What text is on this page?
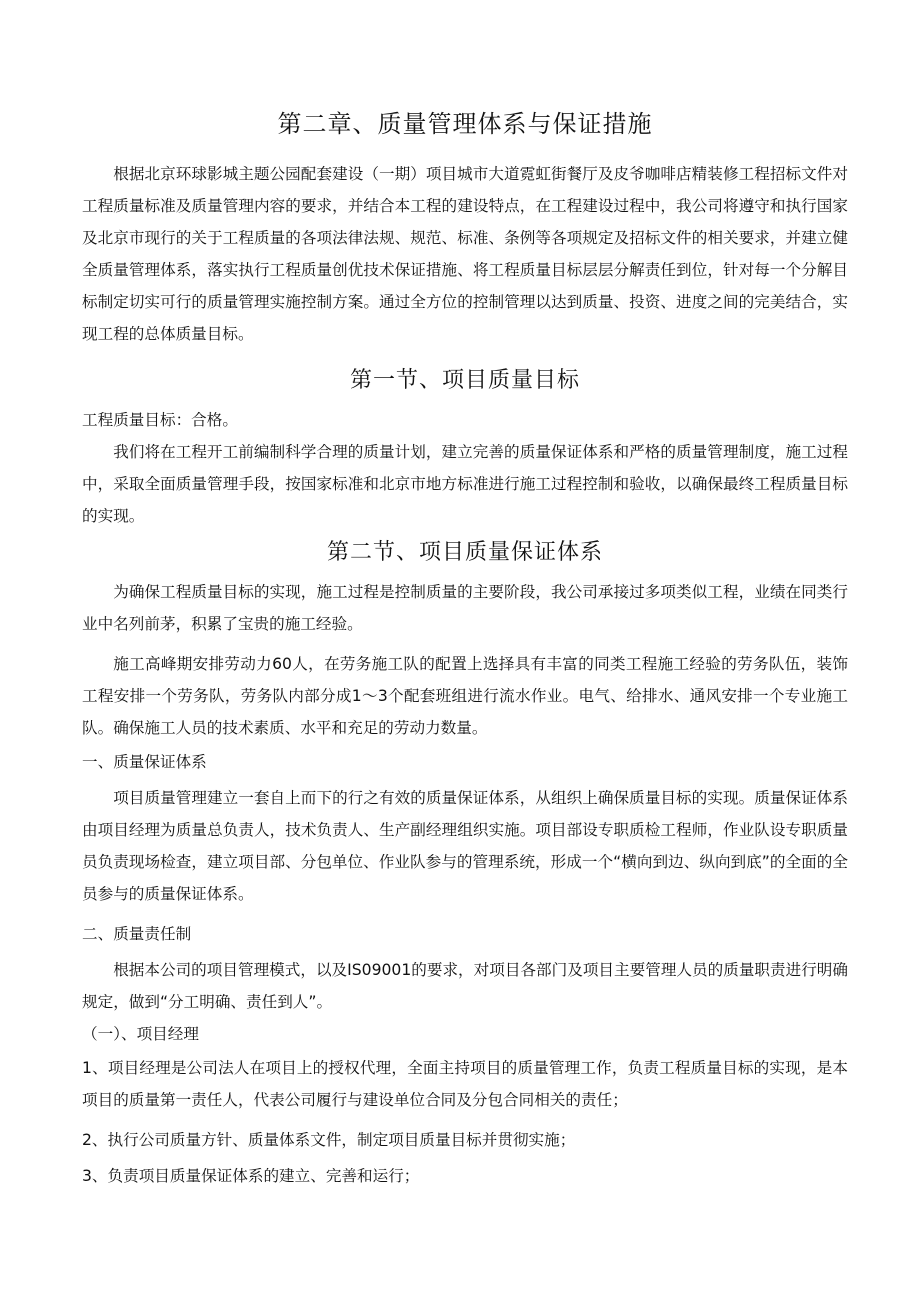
第二章、质量管理体系与保证措施
根据北京环球影城主题公园配套建设（一期）项目城市大道霓虹街餐厅及皮爷咖啡店精装修工程招标文件对工程质量标准及质量管理内容的要求，并结合本工程的建设特点，在工程建设过程中，我公司将遵守和执行国家及北京市现行的关于工程质量的各项法律法规、规范、标准、条例等各项规定及招标文件的相关要求，并建立健全质量管理体系，落实执行工程质量创优技术保证措施、将工程质量目标层层分解责任到位，针对每一个分解目标制定切实可行的质量管理实施控制方案。通过全方位的控制管理以达到质量、投资、进度之间的完美结合，实现工程的总体质量目标。
第一节、项目质量目标
工程质量目标：合格。
我们将在工程开工前编制科学合理的质量计划，建立完善的质量保证体系和严格的质量管理制度，施工过程中，采取全面质量管理手段，按国家标准和北京市地方标准进行施工过程控制和验收，以确保最终工程质量目标的实现。
第二节、项目质量保证体系
为确保工程质量目标的实现，施工过程是控制质量的主要阶段，我公司承接过多项类似工程，业绩在同类行业中名列前茅，积累了宝贵的施工经验。
施工高峰期安排劳动力60人，在劳务施工队的配置上选择具有丰富的同类工程施工经验的劳务队伍，装饰工程安排一个劳务队，劳务队内部分成1～3个配套班组进行流水作业。电气、给排水、通风安排一个专业施工队。确保施工人员的技术素质、水平和充足的劳动力数量。
一、质量保证体系
项目质量管理建立一套自上而下的行之有效的质量保证体系，从组织上确保质量目标的实现。质量保证体系由项目经理为质量总负责人，技术负责人、生产副经理组织实施。项目部设专职质检工程师，作业队设专职质量员负责现场检查，建立项目部、分包单位、作业队参与的管理系统，形成一个“横向到边、纵向到底”的全面的全员参与的质量保证体系。
二、质量责任制
根据本公司的项目管理模式，以及IS09001的要求，对项目各部门及项目主要管理人员的质量职责进行明确规定，做到“分工明确、责任到人”。
（一）、项目经理
1、项目经理是公司法人在项目上的授权代理，全面主持项目的质量管理工作，负责工程质量目标的实现，是本项目的质量第一责任人，代表公司履行与建设单位合同及分包合同相关的责任；
2、执行公司质量方针、质量体系文件，制定项目质量目标并贯彻实施；
3、负责项目质量保证体系的建立、完善和运行；
